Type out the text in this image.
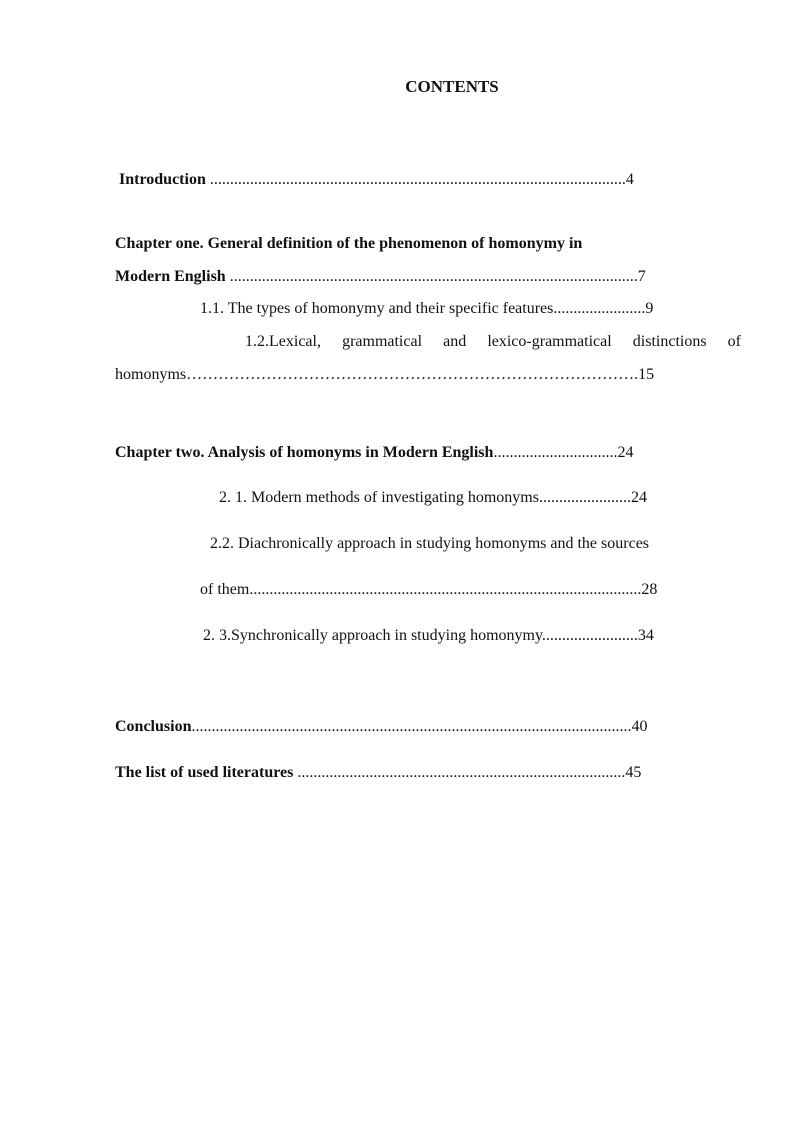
CONTENTS
Introduction ........................................................................................................4
Chapter one. General definition of the phenomenon of homonymy in
Modern English ......................................................................................................7
1.1. The types of homonymy and their specific features.......................9
1.2.Lexical, grammatical and lexico-grammatical distinctions of
homonyms………………………………………………………………………….15
Chapter two. Analysis of homonyms in Modern English...............................24
2. 1. Modern methods of investigating homonyms.......................24
2.2. Diachronically approach in studying homonyms and the sources
of them..................................................................................................28
2. 3.Synchronically approach in studying homonymy........................34
Conclusion..............................................................................................................40
The list of used literatures ..................................................................................45
